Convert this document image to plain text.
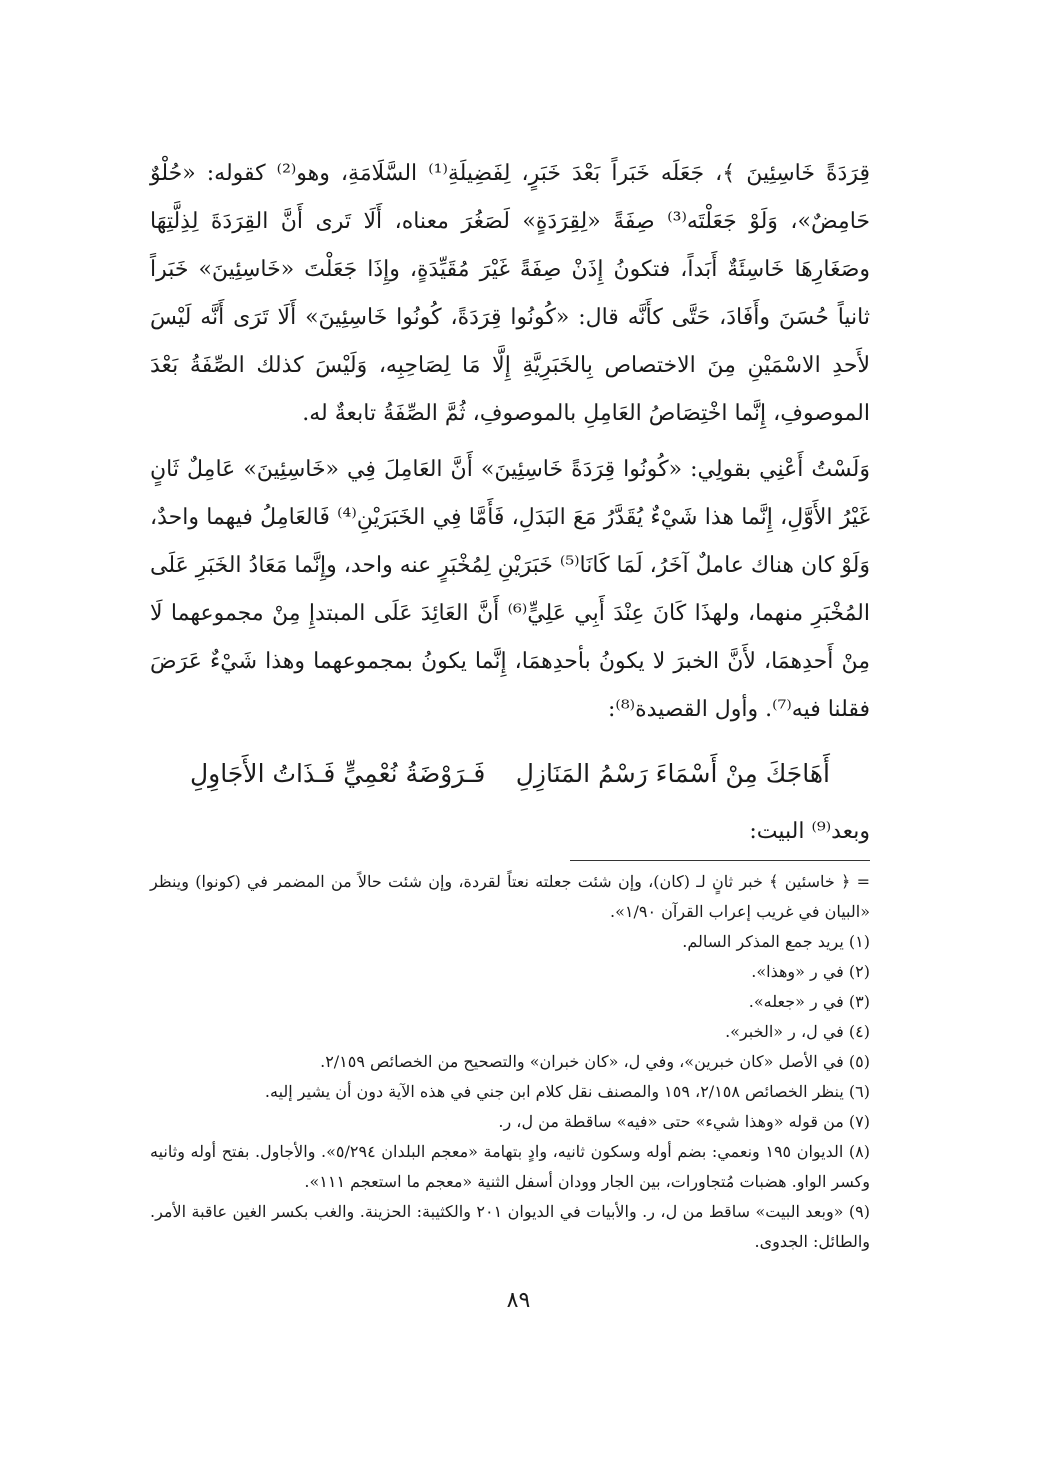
قِرَدَةً خَاسِئِينَ ﴾، جَعَلَه خَبَراً بَعْدَ خَبَرٍ، لِفَضِيلَةِ⁽¹⁾ السَّلَامَةِ، وهو⁽²⁾ كقوله: «حُلْوٌ حَامِضٌ»، وَلَوْ جَعَلْتَه⁽³⁾ صِفَةً «لِقِرَدَةٍ» لَصَغُرَ معناه، أَلَا تَرى أَنَّ القِرَدَةَ لِذِلَّتِهَا وصَغَارِهَا خَاسِئَةٌ أَبَداً، فتكونُ إِذَنْ صِفَةً غَيْرَ مُقَيِّدَةٍ، وإِذَا جَعَلْتَ «خَاسِئِينَ» خَبَراً ثانياً حُسَنَ وأَفَادَ، حَتَّى كأَنَّه قال: «كُونُوا قِرَدَةً، كُونُوا خَاسِئِينَ» أَلَا تَرَى أَنَّه لَيْسَ لأَحدِ الاسْمَيْنِ مِنَ الاختصاص بِالخَبَرِيَّةِ إِلَّا مَا لِصَاحِبِه، وَلَيْسَ كذلك الصِّفَةُ بَعْدَ الموصوفِ، إِنَّما اخْتِصَاصُ العَامِلِ بالموصوفِ، ثُمَّ الصِّفَةُ تابعةٌ له.

وَلَسْتُ أَعْنِي بقولِي: «كُونُوا قِرَدَةً خَاسِئِينَ» أَنَّ العَامِلَ فِي «خَاسِئِينَ» عَامِلٌ ثَانٍ غَيْرُ الأَوَّلِ، إِنَّما هذا شَيْءٌ يُقَدَّرُ مَعَ البَدَلِ، فَأَمَّا فِي الخَبَرَيْنِ⁽⁴⁾ فَالعَامِلُ فيهما واحدٌ، وَلَوْ كان هناك عاملٌ آخَرُ، لَمَا كَانَا⁽⁵⁾ خَبَرَيْنِ لِمُخْبَرٍ عنه واحد، وإِنَّما مَعَادُ الخَبَرِ عَلَى المُخْبَرِ منهما، ولهذَا كَانَ عِنْدَ أَبِي عَلِيٍّ⁽⁶⁾ أَنَّ العَائِدَ عَلَى المبتدإِ مِنْ مجموعهما لَا مِنْ أَحدِهمَا، لأَنَّ الخبرَ لا يكونُ بأحدِهمَا، إِنَّما يكونُ بمجموعهما وهذا شَيْءٌ عَرَضَ فقلنا فيه⁽⁷⁾. وأول القصيدة⁽⁸⁾:

أَهَاجَكَ مِنْ أَسْمَاءَ رَسْمُ المَنَازِلِ
فَـرَوْضَةُ نُعْمِيٍّ فَـذَاتُ الأَجَاوِلِ

وبعد⁽⁹⁾ البيت:

= ﴿ خاسئين ﴾ خبر ثانٍ لـ (كان)، وإن شئت جعلته نعتاً لقردة، وإن شئت حالاً من المضمر في (كونوا) وينظر «البيان في غريب إعراب القرآن ١/٩٠».
(١) يريد جمع المذكر السالم.
(٢) في ر «وهذا».
(٣) في ر «جعله».
(٤) في ل، ر «الخبر».
(٥) في الأصل «كان خبرين»، وفي ل، «كان خبران» والتصحيح من الخصائص ٢/١٥٩.
(٦) ينظر الخصائص ٢/١٥٨، ١٥٩ والمصنف نقل كلام ابن جني في هذه الآية دون أن يشير إليه.
(٧) من قوله «وهذا شيء» حتى «فيه» ساقطة من ل، ر.
(٨) الديوان ١٩٥ ونعمي: بضم أوله وسكون ثانيه، وادٍ بتهامة «معجم البلدان ٥/٢٩٤». والأجاول. بفتح أوله وثانيه وكسر الواو. هضبات مُتجاورات، بين الجار وودان أسفل الثنية «معجم ما استعجم ١١١».
(٩) «وبعد البيت» ساقط من ل، ر. والأبيات في الديوان ٢٠١ والكثيبة: الحزينة. والغب بكسر الغين عاقبة الأمر. والطائل: الجدوى.
٨٩
